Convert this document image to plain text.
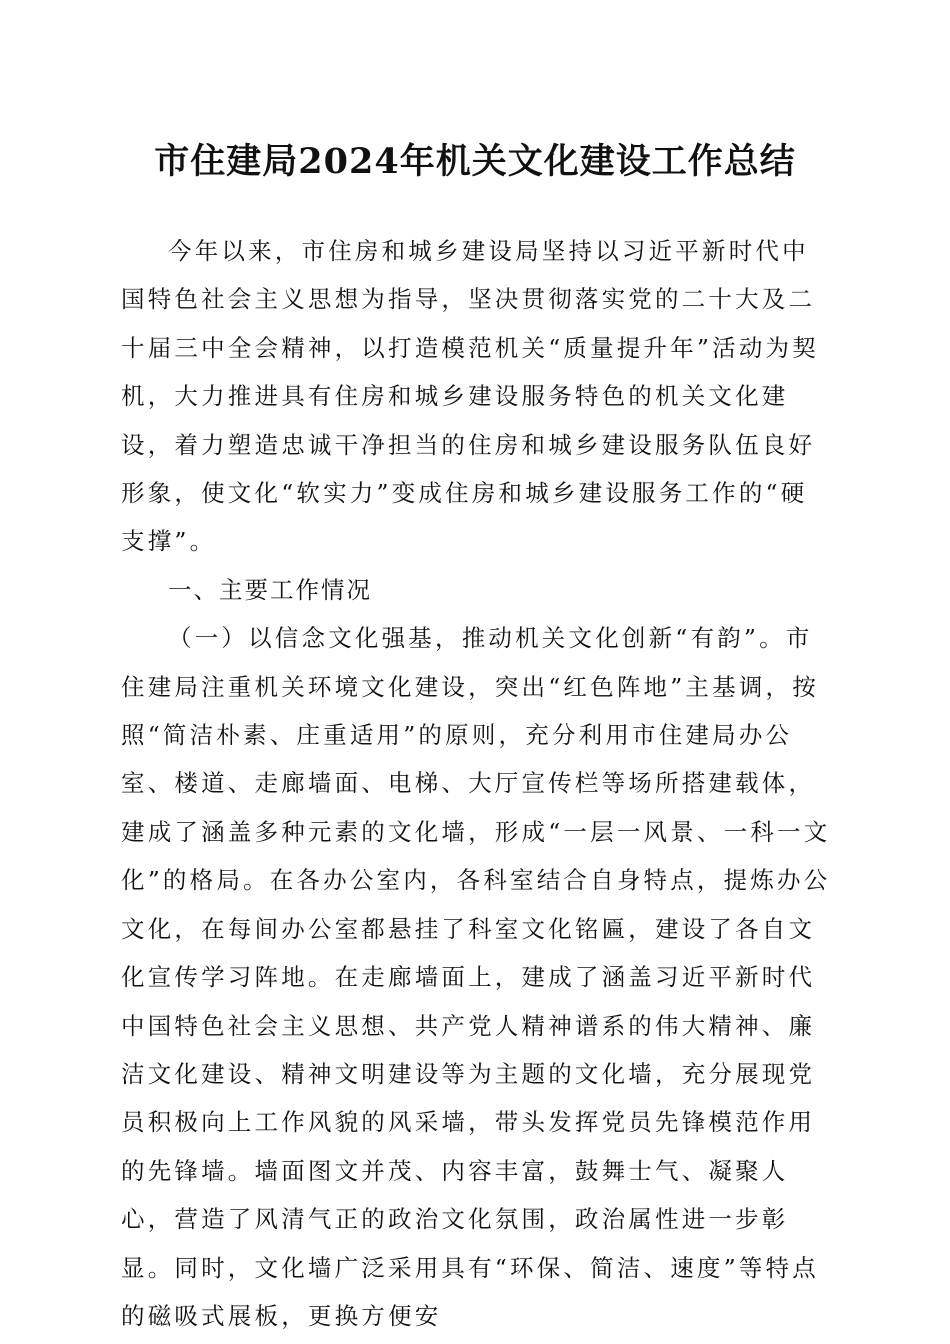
市住建局2024年机关文化建设工作总结

今年以来，市住房和城乡建设局坚持以习近平新时代中国特色社会主义思想为指导，坚决贯彻落实党的二十大及二十届三中全会精神，以打造模范机关“质量提升年”活动为契机，大力推进具有住房和城乡建设服务特色的机关文化建设，着力塑造忠诚干净担当的住房和城乡建设服务队伍良好形象，使文化“软实力”变成住房和城乡建设服务工作的“硬支撑”。

一、主要工作情况

（一）以信念文化强基，推动机关文化创新“有韵”。市住建局注重机关环境文化建设，突出“红色阵地”主基调，按照“简洁朴素、庄重适用”的原则，充分利用市住建局办公室、楼道、走廊墙面、电梯、大厅宣传栏等场所搭建载体，建成了涵盖多种元素的文化墙，形成“一层一风景、一科一文化”的格局。在各办公室内，各科室结合自身特点，提炼办公文化，在每间办公室都悬挂了科室文化铭匾，建设了各自文化宣传学习阵地。在走廊墙面上，建成了涵盖习近平新时代中国特色社会主义思想、共产党人精神谱系的伟大精神、廉洁文化建设、精神文明建设等为主题的文化墙，充分展现党员积极向上工作风貌的风采墙，带头发挥党员先锋模范作用的先锋墙。墙面图文并茂、内容丰富，鼓舞士气、凝聚人心，营造了风清气正的政治文化氛围，政治属性进一步彰显。同时，文化墙广泛采用具有“环保、简洁、速度”等特点的磁吸式展板，更换方便安
